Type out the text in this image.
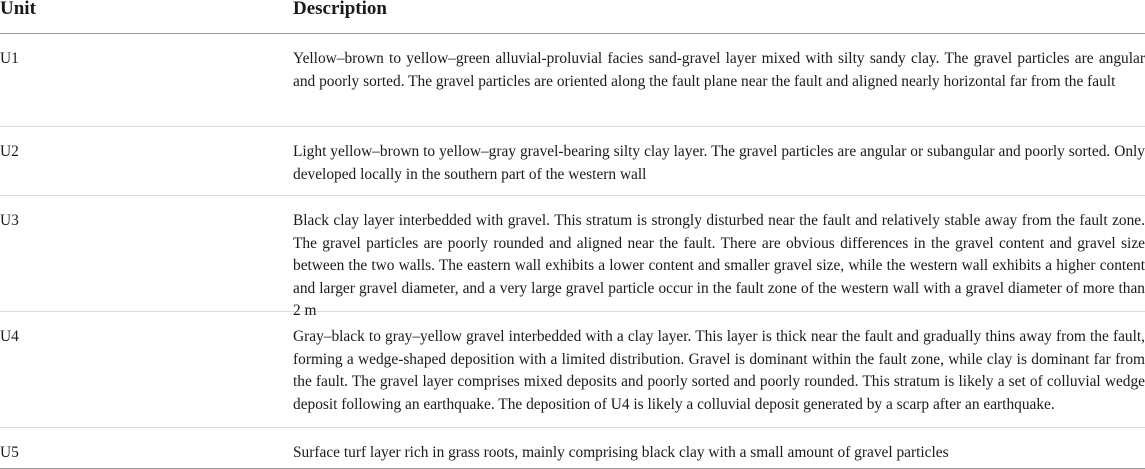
Unit	Description
U1	Yellow–brown to yellow–green alluvial-proluvial facies sand-gravel layer mixed with silty sandy clay. The gravel particles are angular and poorly sorted. The gravel particles are oriented along the fault plane near the fault and aligned nearly horizontal far from the fault
U2	Light yellow–brown to yellow–gray gravel-bearing silty clay layer. The gravel particles are angular or subangular and poorly sorted. Only developed locally in the southern part of the western wall
U3	Black clay layer interbedded with gravel. This stratum is strongly disturbed near the fault and relatively stable away from the fault zone. The gravel particles are poorly rounded and aligned near the fault. There are obvious differences in the gravel content and gravel size between the two walls. The eastern wall exhibits a lower content and smaller gravel size, while the western wall exhibits a higher content and larger gravel diameter, and a very large gravel particle occur in the fault zone of the western wall with a gravel diameter of more than 2 m
U4	Gray–black to gray–yellow gravel interbedded with a clay layer. This layer is thick near the fault and gradually thins away from the fault, forming a wedge-shaped deposition with a limited distribution. Gravel is dominant within the fault zone, while clay is dominant far from the fault. The gravel layer comprises mixed deposits and poorly sorted and poorly rounded. This stratum is likely a set of colluvial wedge deposit following an earthquake. The deposition of U4 is likely a colluvial deposit generated by a scarp after an earthquake.
U5	Surface turf layer rich in grass roots, mainly comprising black clay with a small amount of gravel particles
